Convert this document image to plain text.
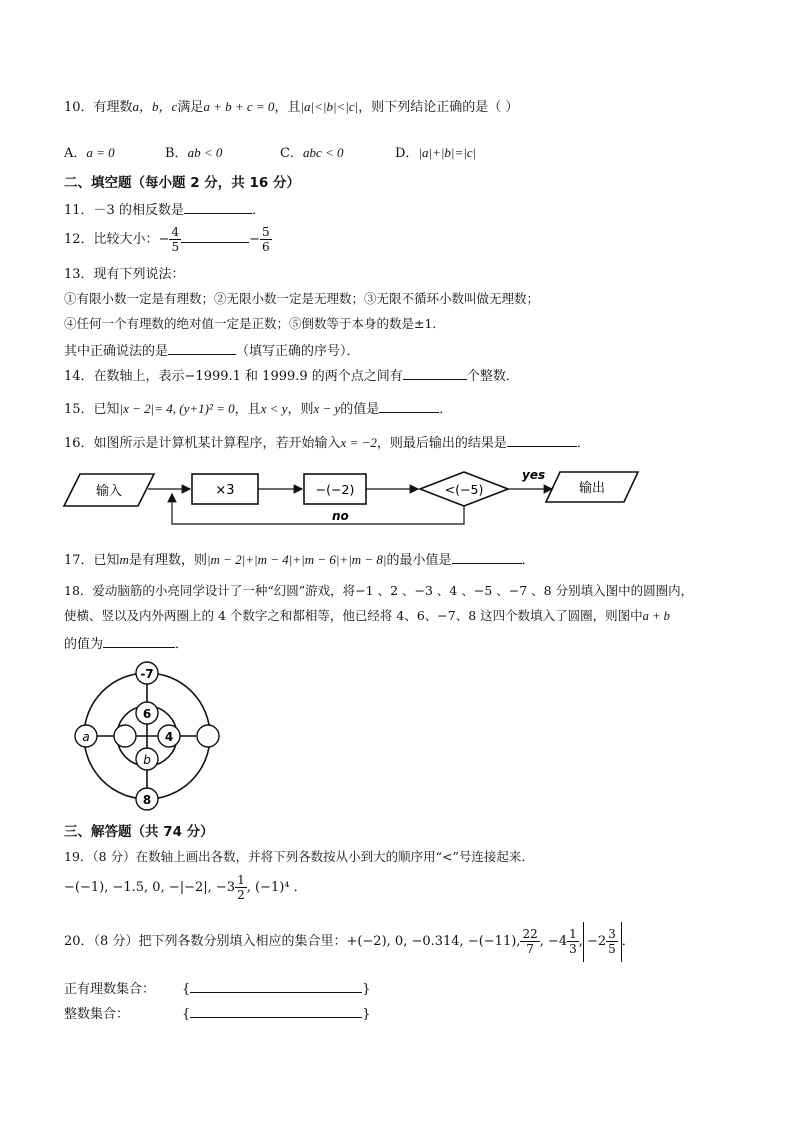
10．有理数a，b，c满足a + b + c = 0，且|a|<|b|<|c|，则下列结论正确的是（ ）
A．a = 0	B．ab < 0	C．abc < 0	D．|a|+|b|=|c|
二、填空题（每小题 2 分，共 16 分）
11．－3 的相反数是	．
12．比较大小：− $\frac{4}{5}$	− $\frac{5}{6}$
13．现有下列说法：
①有限小数一定是有理数；②无限小数一定是无理数；③无限不循环小数叫做无理数；
④任何一个有理数的绝对值一定是正数；⑤倒数等于本身的数是±1．
其中正确说法的是	（填写正确的序号）．
14．在数轴上，表示−1999.1 和 1999.9 的两个点之间有	个整数．
15．已知|x − 2|= 4, (y+1)² = 0，且x < y，则x − y的值是	．
16．如图所示是计算机某计算程序，若开始输入x = −2，则最后输出的结果是	．
输入	×3	−(−2)	<(−5)
yes
输出
no
17．已知m是有理数，则|m − 2|+|m − 4|+|m − 6|+|m − 8|的最小值是	．
18．爱动脑筋的小亮同学设计了一种“幻圆”游戏，将−1 、2 、−3 、4 、−5 、−7 、8 分别填入图中的圆圈内，
使横、竖以及内外两圈上的 4 个数字之和都相等，他已经将 4、6、−7、8 这四个数填入了圆圈，则图中a + b
的值为	．
-7
6
4
b
a
8
三、解答题（共 74 分）
19．（8 分）在数轴上画出各数，并将下列各数按从小到大的顺序用“<”号连接起来．
−(−1), −1.5, 0, −|−2|, $-3 \frac{1}{2}$ , (−1)⁴ ．
20．（8 分）把下列各数分别填入相应的集合里：+(−2), 0, −0.314, −(−11), $\frac{22}{7}$ , $-4 \frac{1}{3}$ , $-2 \frac{3}{5}$ ．
正有理数集合： {	}
整数集合：	{	}
